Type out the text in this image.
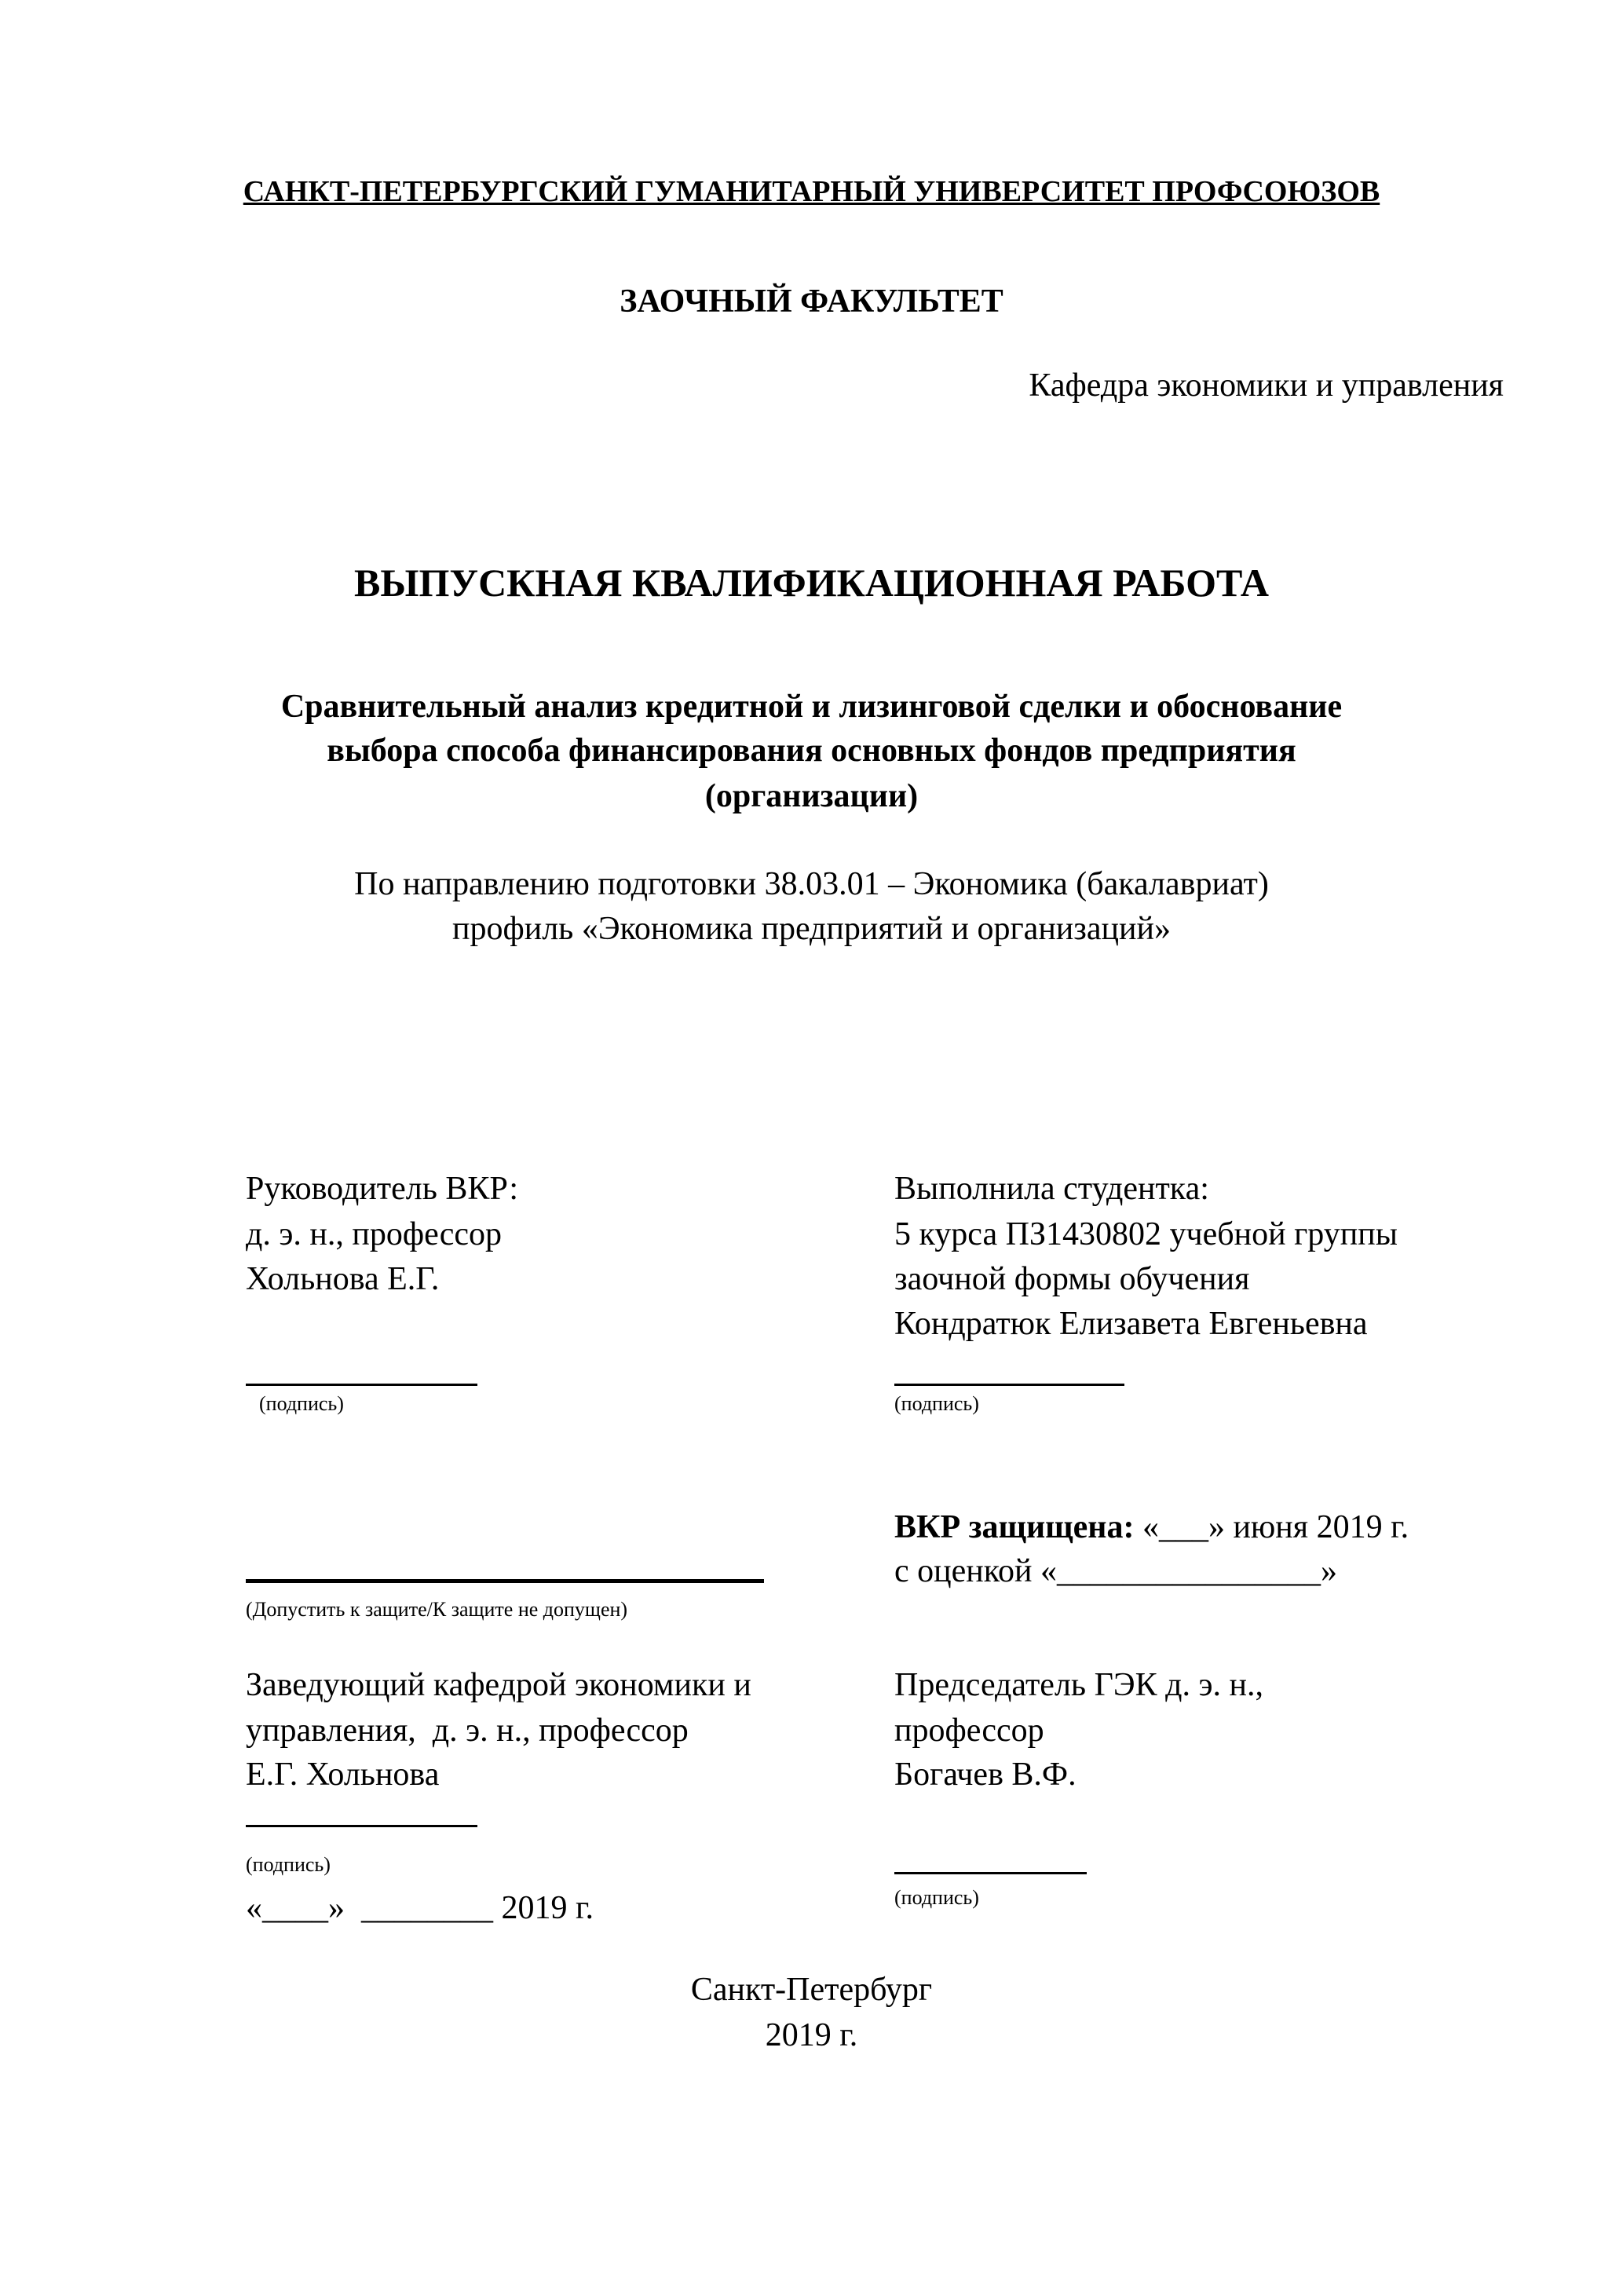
САНКТ-ПЕТЕРБУРГСКИЙ ГУМАНИТАРНЫЙ УНИВЕРСИТЕТ ПРОФСОЮЗОВ
ЗАОЧНЫЙ ФАКУЛЬТЕТ
Кафедра экономики и управления
ВЫПУСКНАЯ КВАЛИФИКАЦИОННАЯ РАБОТА
Сравнительный анализ кредитной и лизинговой сделки и обоснование
выбора способа финансирования основных фондов предприятия
(организации)
По направлению подготовки 38.03.01 – Экономика (бакалавриат)
профиль «Экономика предприятий и организаций»
Руководитель ВКР:
д. э. н., профессор
Хольнова Е.Г.
(подпись)
Выполнила студентка:
5 курса ПЗ1430802 учебной группы
заочной формы обучения
Кондратюк Елизавета Евгеньевна
(подпись)
ВКР защищена: «___» июня 2019 г.
с оценкой «________________»
(Допустить к защите/К защите не допущен)
Заведующий кафедрой экономики и
управления,  д. э. н., профессор
Е.Г. Хольнова
(подпись)
«____»  ________ 2019 г.
Председатель ГЭК д. э. н.,
профессор
Богачев В.Ф.
(подпись)
Санкт-Петербург
2019 г.
